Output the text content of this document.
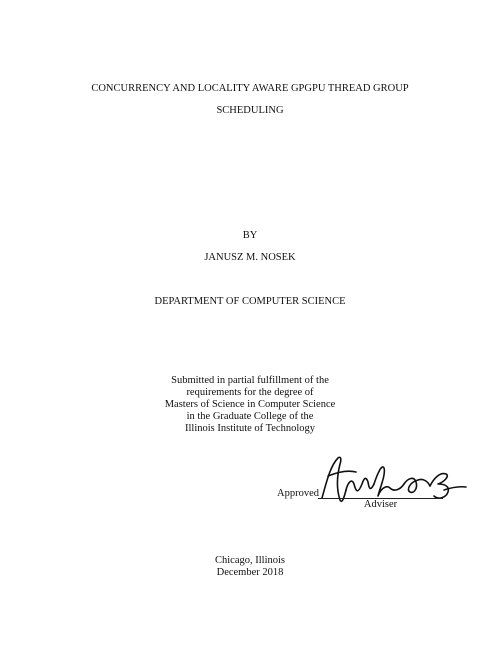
CONCURRENCY AND LOCALITY AWARE GPGPU THREAD GROUP
SCHEDULING
BY
JANUSZ M. NOSEK
DEPARTMENT OF COMPUTER SCIENCE
Submitted in partial fulfillment of the
requirements for the degree of
Masters of Science in Computer Science
in the Graduate College of the
Illinois Institute of Technology
Approved
Adviser
Chicago, Illinois
December 2018
